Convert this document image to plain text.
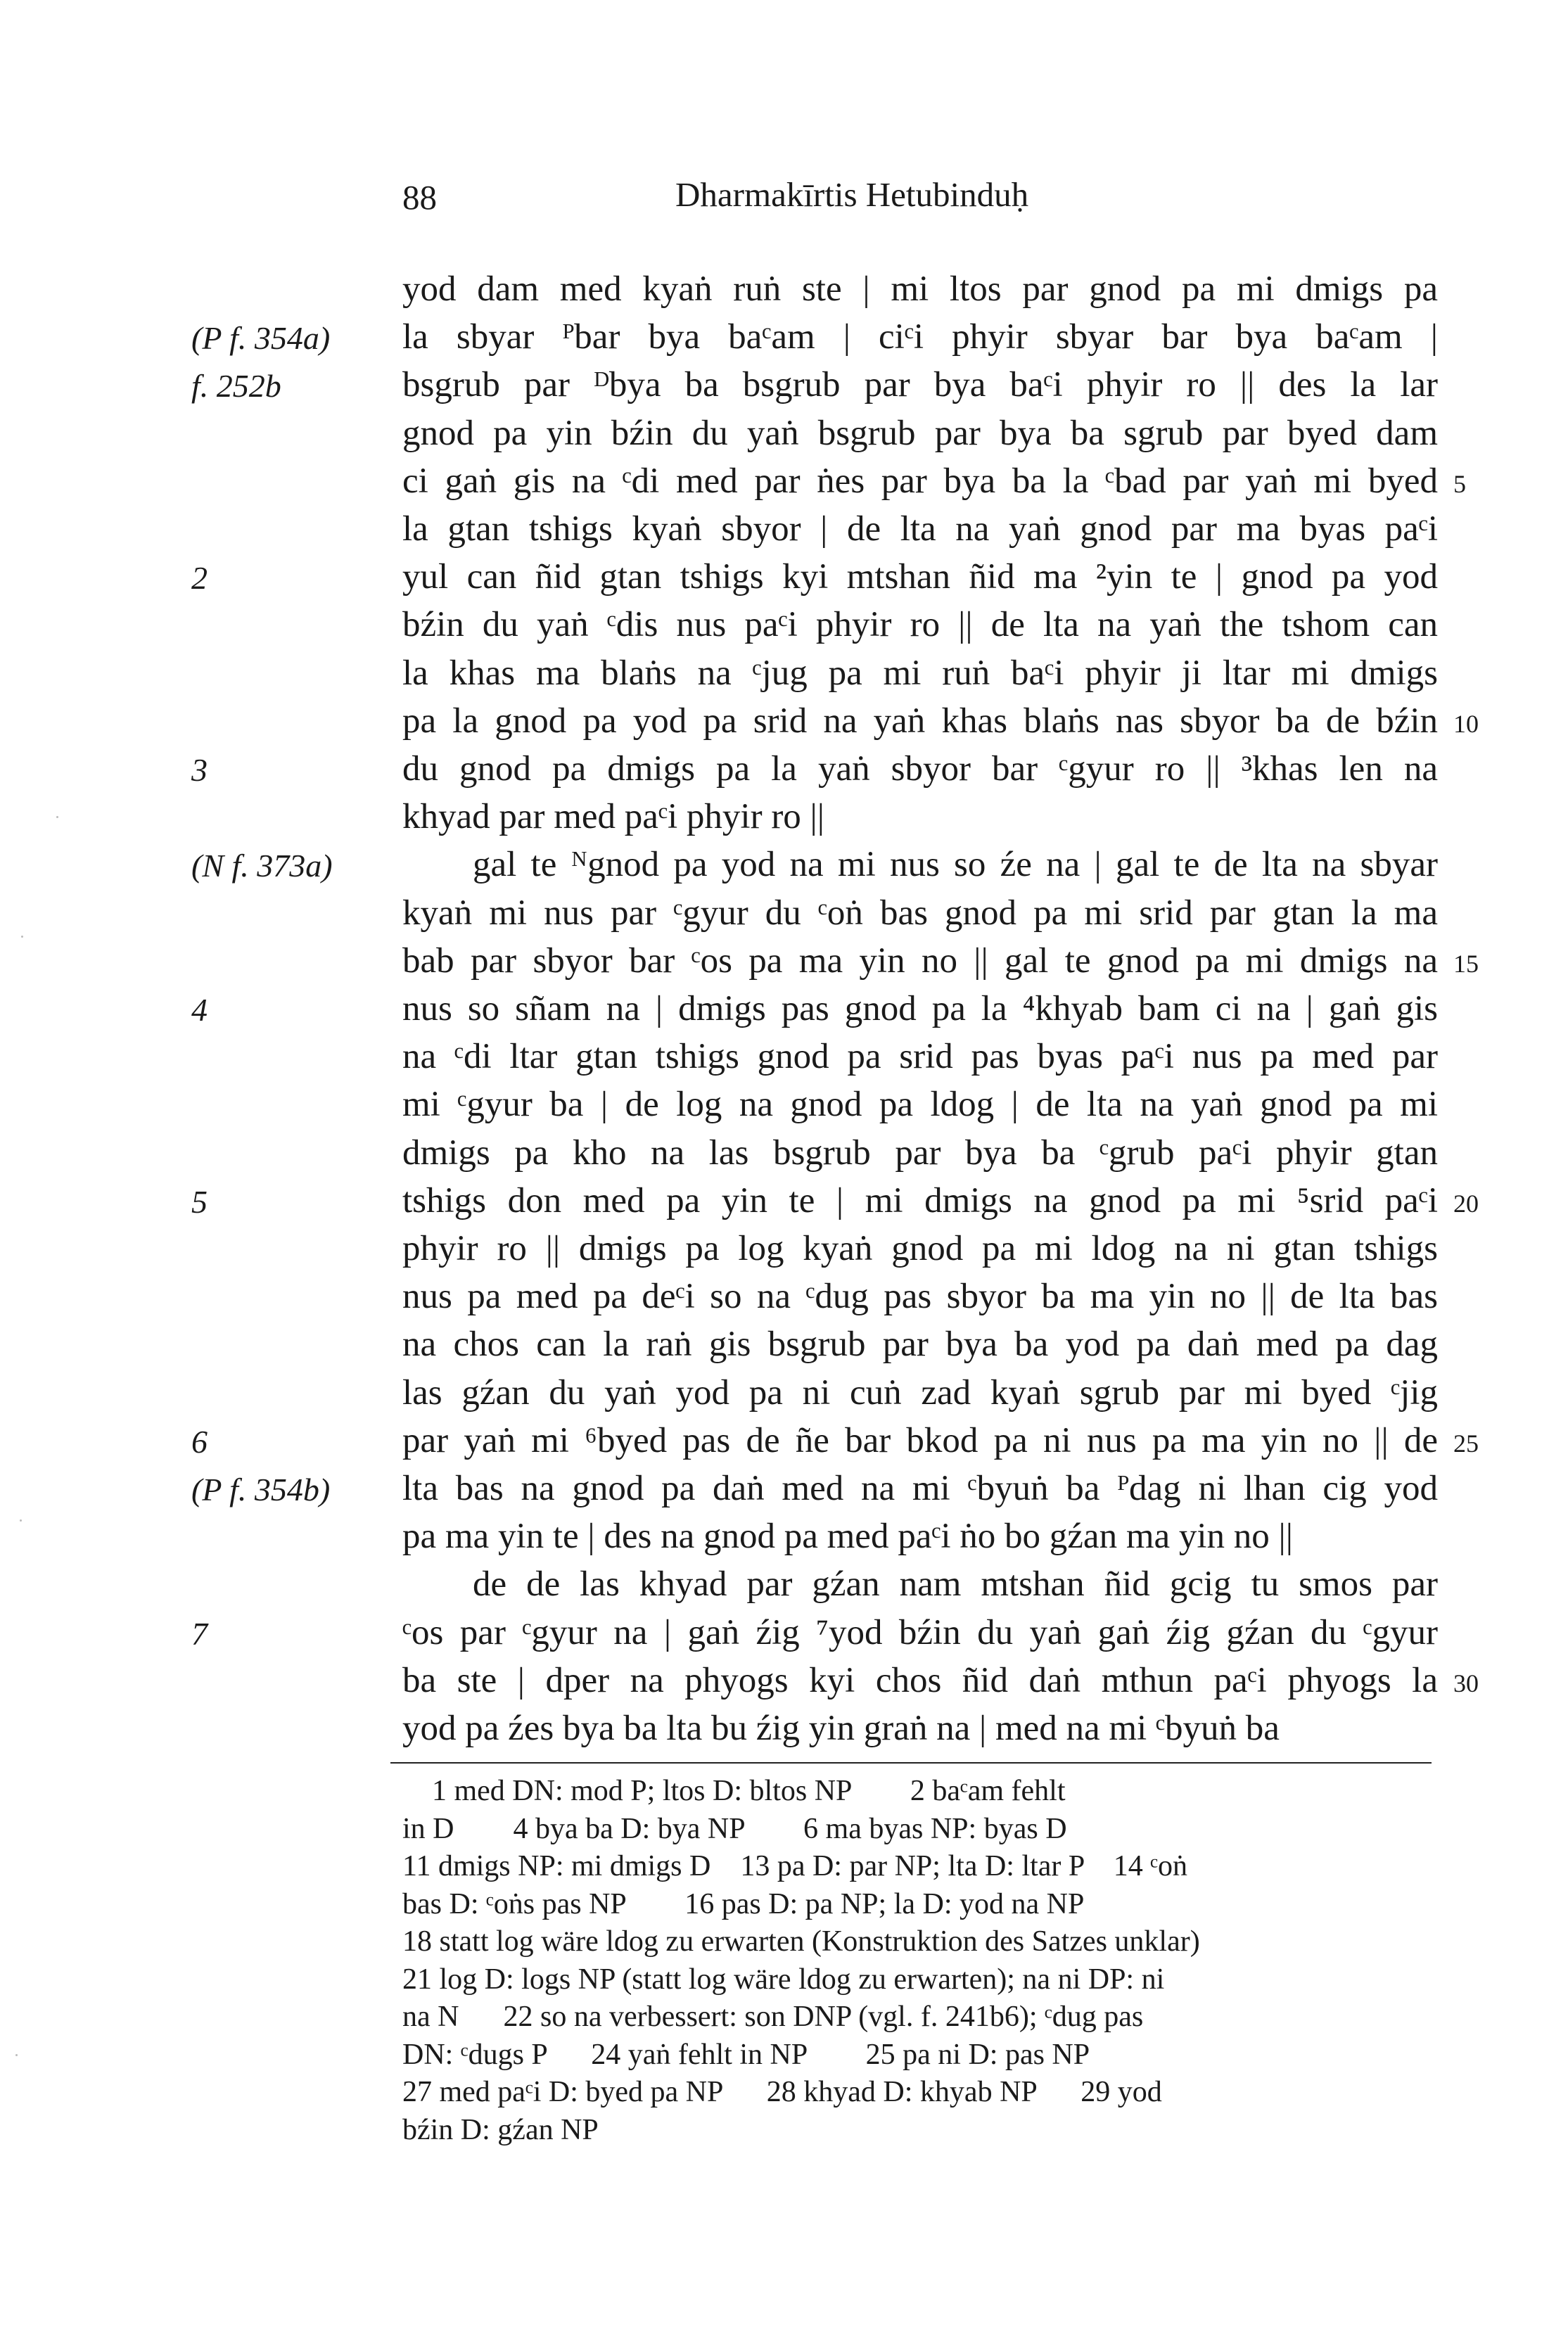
88	Dharmakīrtis Hetubinduḥ
yod dam med kyaṅ ruṅ ste | mi ltos par gnod pa mi dmigs pa
la sbyar ᴾbar bya baᶜam | ciᶜi phyir sbyar bar bya baᶜam |
bsgrub par ᴰbya ba bsgrub par bya baᶜi phyir ro || des la lar
gnod pa yin bźin du yaṅ bsgrub par bya ba sgrub par byed dam
ci gaṅ gis na ᶜdi med par ṅes par bya ba la ᶜbad par yaṅ mi byed
la gtan tshigs kyaṅ sbyor | de lta na yaṅ gnod par ma byas paᶜi
yul can ñid gtan tshigs kyi mtshan ñid ma ²yin te | gnod pa yod
bźin du yaṅ ᶜdis nus paᶜi phyir ro || de lta na yaṅ the tshom can
la khas ma blaṅs na ᶜjug pa mi ruṅ baᶜi phyir ji ltar mi dmigs
pa la gnod pa yod pa srid na yaṅ khas blaṅs nas sbyor ba de bźin
du gnod pa dmigs pa la yaṅ sbyor bar ᶜgyur ro || ³khas len na
khyad par med paᶜi phyir ro ||
gal te ᴺgnod pa yod na mi nus so źe na | gal te de lta na sbyar
kyaṅ mi nus par ᶜgyur du ᶜoṅ bas gnod pa mi srid par gtan la ma
bab par sbyor bar ᶜos pa ma yin no || gal te gnod pa mi dmigs na
nus so sñam na | dmigs pas gnod pa la ⁴khyab bam ci na | gaṅ gis
na ᶜdi ltar gtan tshigs gnod pa srid pas byas paᶜi nus pa med par
mi ᶜgyur ba | de log na gnod pa ldog | de lta na yaṅ gnod pa mi
dmigs pa kho na las bsgrub par bya ba ᶜgrub paᶜi phyir gtan
tshigs don med pa yin te | mi dmigs na gnod pa mi ⁵srid paᶜi
phyir ro || dmigs pa log kyaṅ gnod pa mi ldog na ni gtan tshigs
nus pa med pa deᶜi so na ᶜdug pas sbyor ba ma yin no || de lta bas
na chos can la raṅ gis bsgrub par bya ba yod pa daṅ med pa dag
las gźan du yaṅ yod pa ni cuṅ zad kyaṅ sgrub par mi byed ᶜjig
par yaṅ mi ⁶byed pas de ñe bar bkod pa ni nus pa ma yin no || de
lta bas na gnod pa daṅ med na mi ᶜbyuṅ ba ᴾdag ni lhan cig yod
pa ma yin te | des na gnod pa med paᶜi ṅo bo gźan ma yin no ||
de de las khyad par gźan nam mtshan ñid gcig tu smos par
ᶜos par ᶜgyur na | gaṅ źig ⁷yod bźin du yaṅ gaṅ źig gźan du ᶜgyur
ba ste | dper na phyogs kyi chos ñid daṅ mthun paᶜi phyogs la
yod pa źes bya ba lta bu źig yin graṅ na | med na mi ᶜbyuṅ ba
(P f. 354a)
f. 252b
2
3
(N f. 373a)
4
5
6
(P f. 354b)
7
5
10
15
20
25
30
1 med DN: mod P; ltos D: bltos NP        2 baᶜam fehlt
in D        4 bya ba D: bya NP        6 ma byas NP: byas D
11 dmigs NP: mi dmigs D    13 pa D: par NP; lta D: ltar P    14 ᶜoṅ
bas D: ᶜoṅs pas NP        16 pas D: pa NP; la D: yod na NP
18 statt log wäre ldog zu erwarten (Konstruktion des Satzes unklar)
21 log D: logs NP (statt log wäre ldog zu erwarten); na ni DP: ni
na N      22 so na verbessert: son DNP (vgl. f. 241b6); ᶜdug pas
DN: ᶜdugs P      24 yaṅ fehlt in NP        25 pa ni D: pas NP
27 med paᶜi D: byed pa NP      28 khyad D: khyab NP      29 yod
bźin D: gźan NP
